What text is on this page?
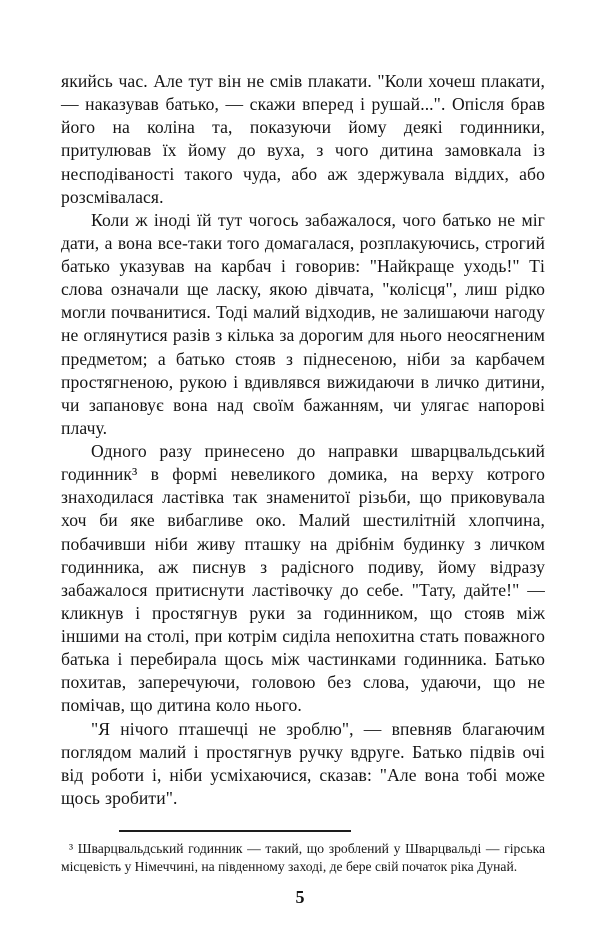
якийсь час. Але тут він не смів плакати. "Коли хочеш плакати, — наказував батько, — скажи вперед і рушай...". Опісля брав його на коліна та, показуючи йому деякі годинники, притулював їх йому до вуха, з чого дитина замовкала із несподіваності такого чуда, або аж здержувала віддих, або розсмівалася.

Коли ж іноді їй тут чогось забажалося, чого батько не міг дати, а вона все-таки того домагалася, розплакуючись, строгий батько указував на карбач і говорив: "Найкраще уходь!" Ті слова означали ще ласку, якою дівчата, "колісця", лиш рідко могли почванитися. Тоді малий відходив, не залишаючи нагоду не оглянутися разів з кілька за дорогим для нього неосягненим предметом; а батько стояв з піднесеною, ніби за карбачем простягненою, рукою і вдивлявся вижидаючи в личко дитини, чи запановує вона над своїм бажанням, чи улягає напорові плачу.

Одного разу принесено до направки шварцвальдський годинник³ в формі невеликого домика, на верху котрого знаходилася ластівка так знаменитої різьби, що приковувала хоч би яке вибагливе око. Малий шестилітній хлопчина, побачивши ніби живу пташку на дрібнім будинку з личком годинника, аж писнув з радісного подиву, йому відразу забажалося притиснути ластівочку до себе. "Тату, дайте!" — кликнув і простягнув руки за годинником, що стояв між іншими на столі, при котрім сиділа непохитна стать поважного батька і перебирала щось між частинками годинника. Батько похитав, заперечуючи, головою без слова, удаючи, що не помічав, що дитина коло нього.

"Я нічого пташечці не зроблю", — впевняв благаючим поглядом малий і простягнув ручку вдруге. Батько підвів очі від роботи і, ніби усміхаючися, сказав: "Але вона тобі може щось зробити".

³ Шварцвальдський годинник — такий, що зроблений у Шварцвальді — гірська місцевість у Німеччині, на південному заході, де бере свій початок ріка Дунай.

5
